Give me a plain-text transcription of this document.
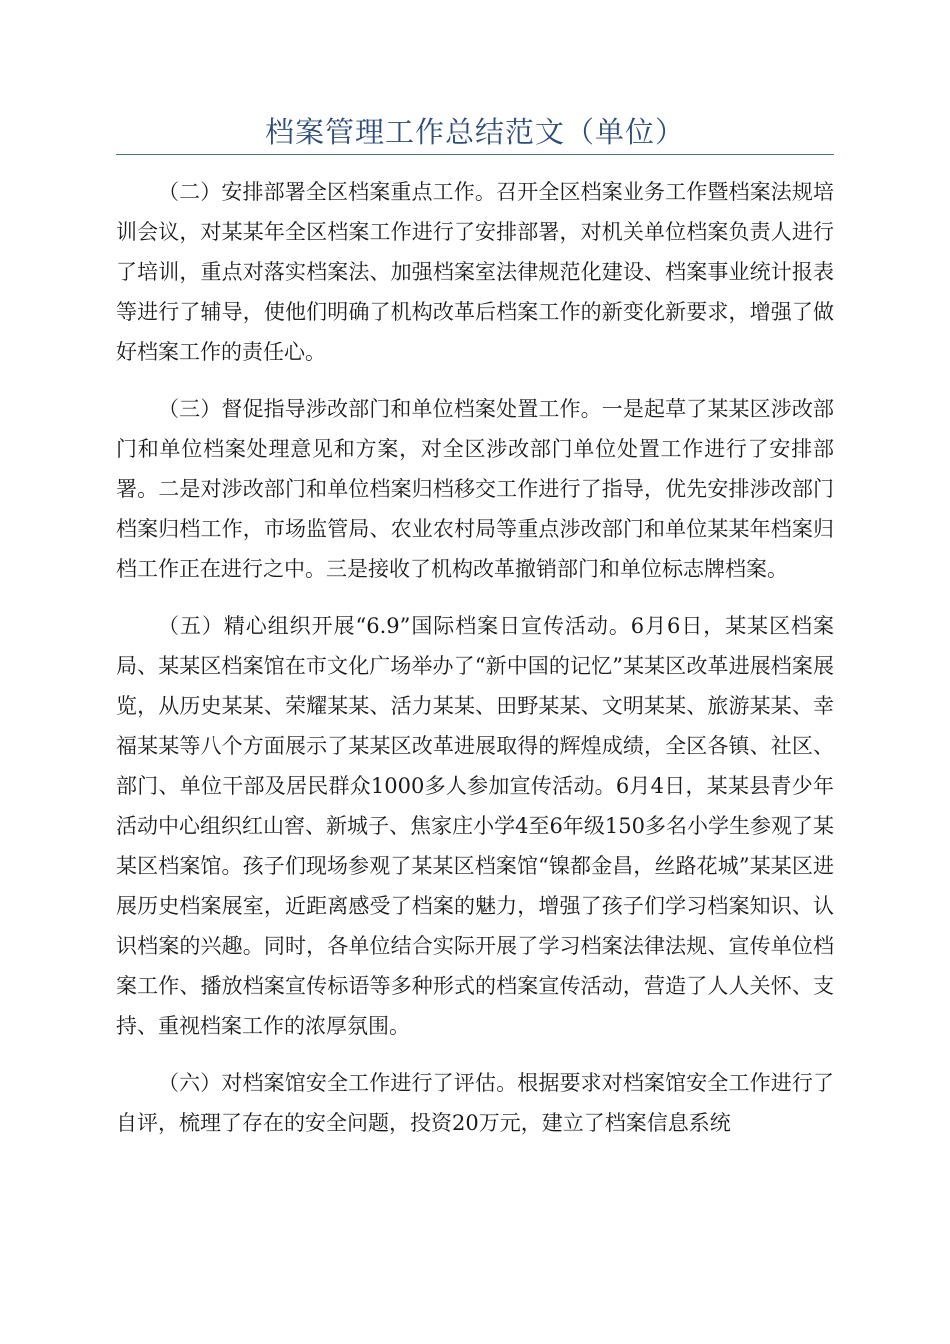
档案管理工作总结范文（单位）

（二）安排部署全区档案重点工作。召开全区档案业务工作暨档案法规培训会议，对某某年全区档案工作进行了安排部署，对机关单位档案负责人进行了培训，重点对落实档案法、加强档案室法律规范化建设、档案事业统计报表等进行了辅导，使他们明确了机构改革后档案工作的新变化新要求，增强了做好档案工作的责任心。

（三）督促指导涉改部门和单位档案处置工作。一是起草了某某区涉改部门和单位档案处理意见和方案，对全区涉改部门单位处置工作进行了安排部署。二是对涉改部门和单位档案归档移交工作进行了指导，优先安排涉改部门档案归档工作，市场监管局、农业农村局等重点涉改部门和单位某某年档案归档工作正在进行之中。三是接收了机构改革撤销部门和单位标志牌档案。

（五）精心组织开展“6.9”国际档案日宣传活动。6月6日，某某区档案局、某某区档案馆在市文化广场举办了“新中国的记忆”某某区改革进展档案展览，从历史某某、荣耀某某、活力某某、田野某某、文明某某、旅游某某、幸福某某等八个方面展示了某某区改革进展取得的辉煌成绩，全区各镇、社区、部门、单位干部及居民群众1000多人参加宣传活动。6月4日，某某县青少年活动中心组织红山窖、新城子、焦家庄小学4至6年级150多名小学生参观了某某区档案馆。孩子们现场参观了某某区档案馆“镍都金昌，丝路花城”某某区进展历史档案展室，近距离感受了档案的魅力，增强了孩子们学习档案知识、认识档案的兴趣。同时，各单位结合实际开展了学习档案法律法规、宣传单位档案工作、播放档案宣传标语等多种形式的档案宣传活动，营造了人人关怀、支持、重视档案工作的浓厚氛围。

（六）对档案馆安全工作进行了评估。根据要求对档案馆安全工作进行了自评，梳理了存在的安全问题，投资20万元，建立了档案信息系统
